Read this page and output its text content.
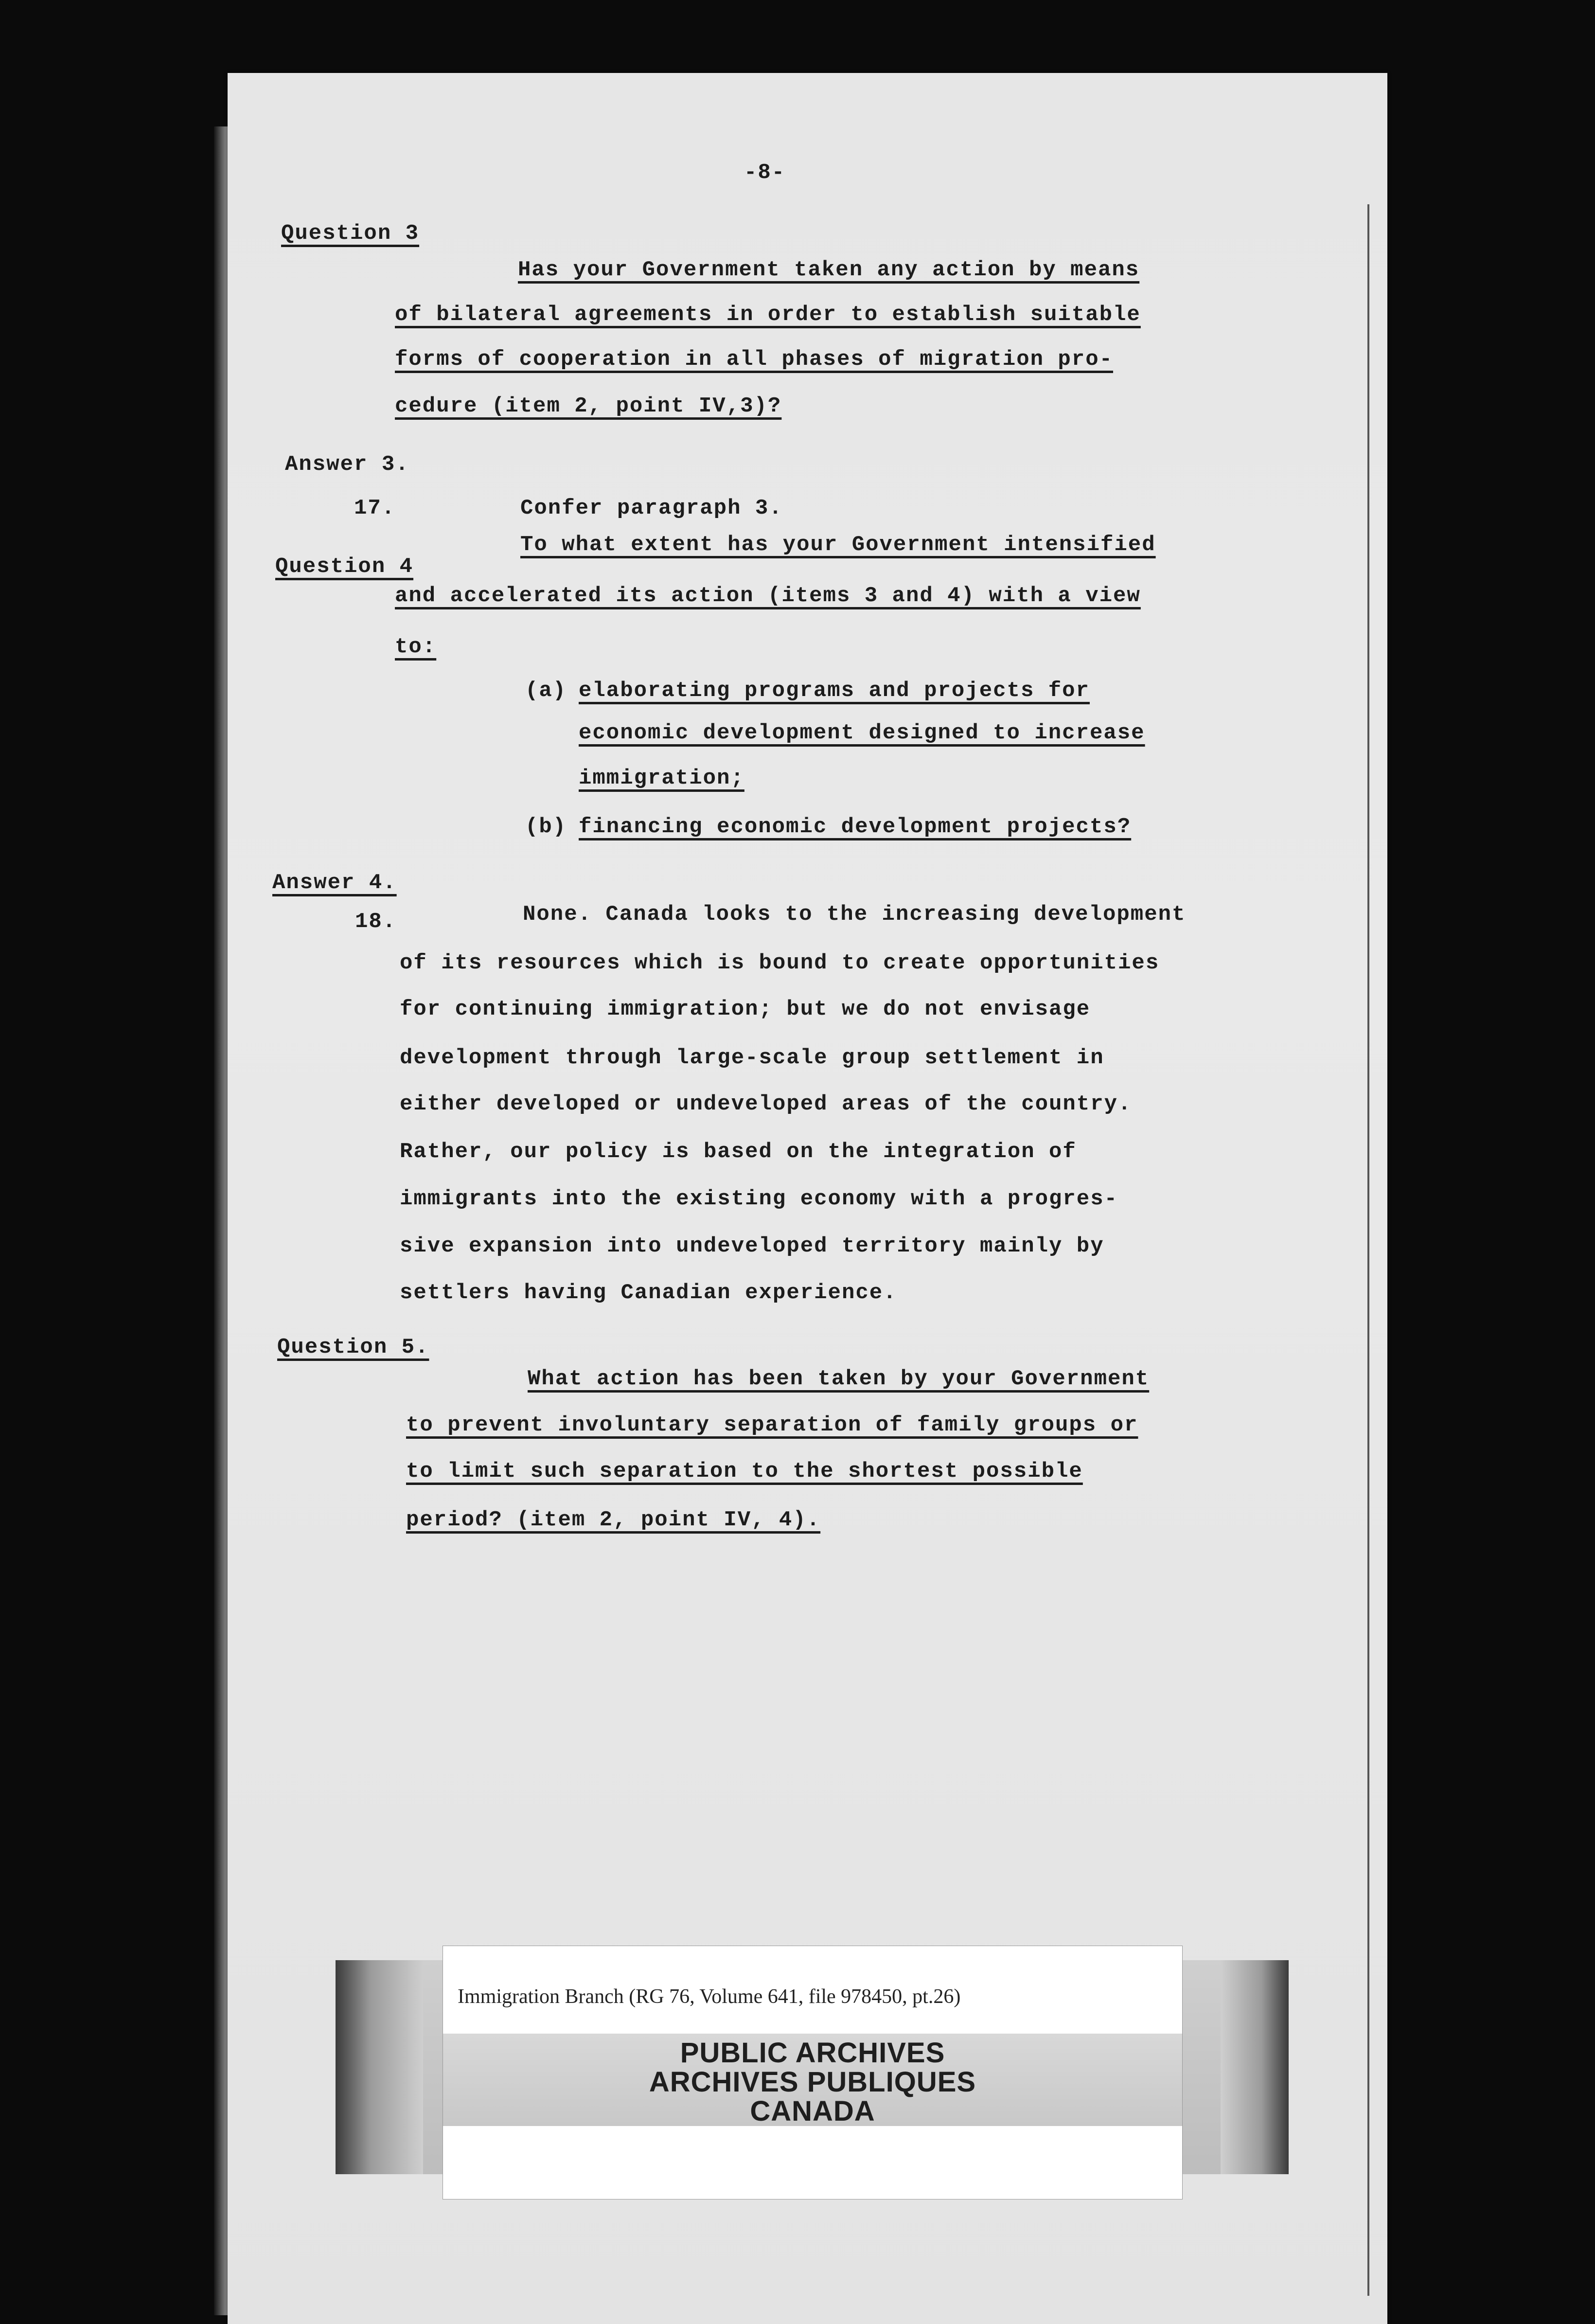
-8-
Question 3
Has your Government taken any action by means
of bilateral agreements in order to establish suitable
forms of cooperation in all phases of migration pro-
cedure (item 2, point IV,3)?
Answer 3.
17.	Confer paragraph 3.
Question 4
To what extent has your Government intensified
and accelerated its action (items 3 and 4) with a view
to:
(a) elaborating programs and projects for
economic development designed to increase
immigration;
(b) financing economic development projects?
Answer 4.
18.	None. Canada looks to the increasing development
of its resources which is bound to create opportunities
for continuing immigration; but we do not envisage
development through large-scale group settlement in
either developed or undeveloped areas of the country.
Rather, our policy is based on the integration of
immigrants into the existing economy with a progres-
sive expansion into undeveloped territory mainly by
settlers having Canadian experience.
Question 5.
What action has been taken by your Government
to prevent involuntary separation of family groups or
to limit such separation to the shortest possible
period? (item 2, point IV, 4).
Immigration Branch (RG 76, Volume 641, file 978450, pt.26)
PUBLIC ARCHIVES
ARCHIVES PUBLIQUES
CANADA
